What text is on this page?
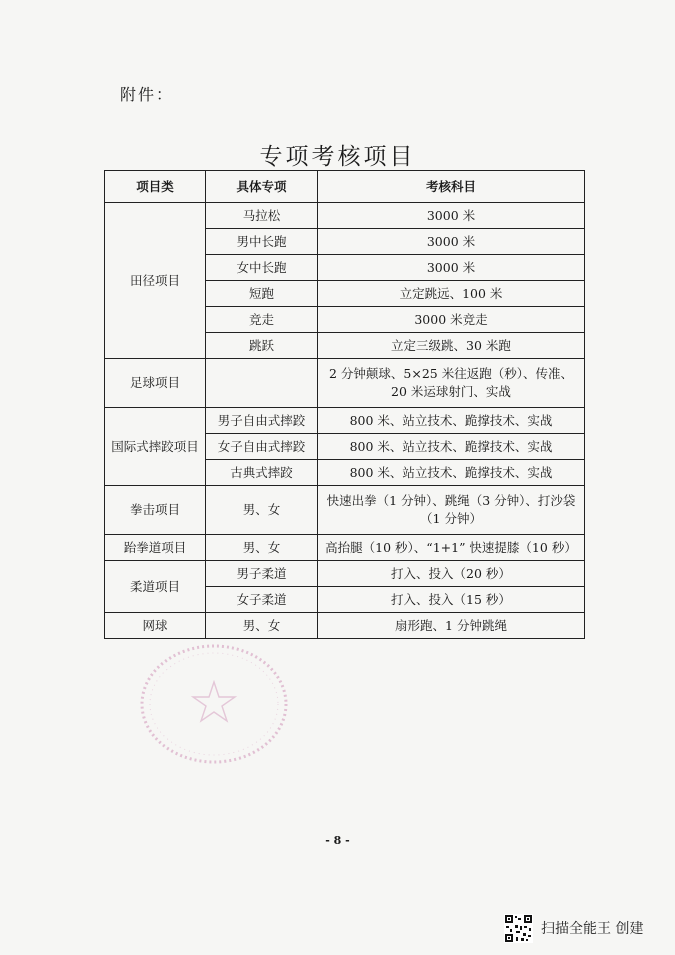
附件：
专项考核项目
项目类	具体专项	考核科目
田径项目	马拉松	3000 米
	男中长跑	3000 米
	女中长跑	3000 米
	短跑	立定跳远、100 米
	竞走	3000 米竞走
	跳跃	立定三级跳、30 米跑
足球项目		2 分钟颠球、5×25 米往返跑（秒）、传准、20 米运球射门、实战
国际式摔跤项目	男子自由式摔跤	800 米、站立技术、跪撑技术、实战
	女子自由式摔跤	800 米、站立技术、跪撑技术、实战
	古典式摔跤	800 米、站立技术、跪撑技术、实战
拳击项目	男、女	快速出拳（1 分钟）、跳绳（3 分钟）、打沙袋（1 分钟）
跆拳道项目	男、女	高抬腿（10 秒）、“1+1” 快速提膝（10 秒）
柔道项目	男子柔道	打入、投入（20 秒）
	女子柔道	打入、投入（15 秒）
网球	男、女	扇形跑、1 分钟跳绳
- 8 -
扫描全能王 创建
